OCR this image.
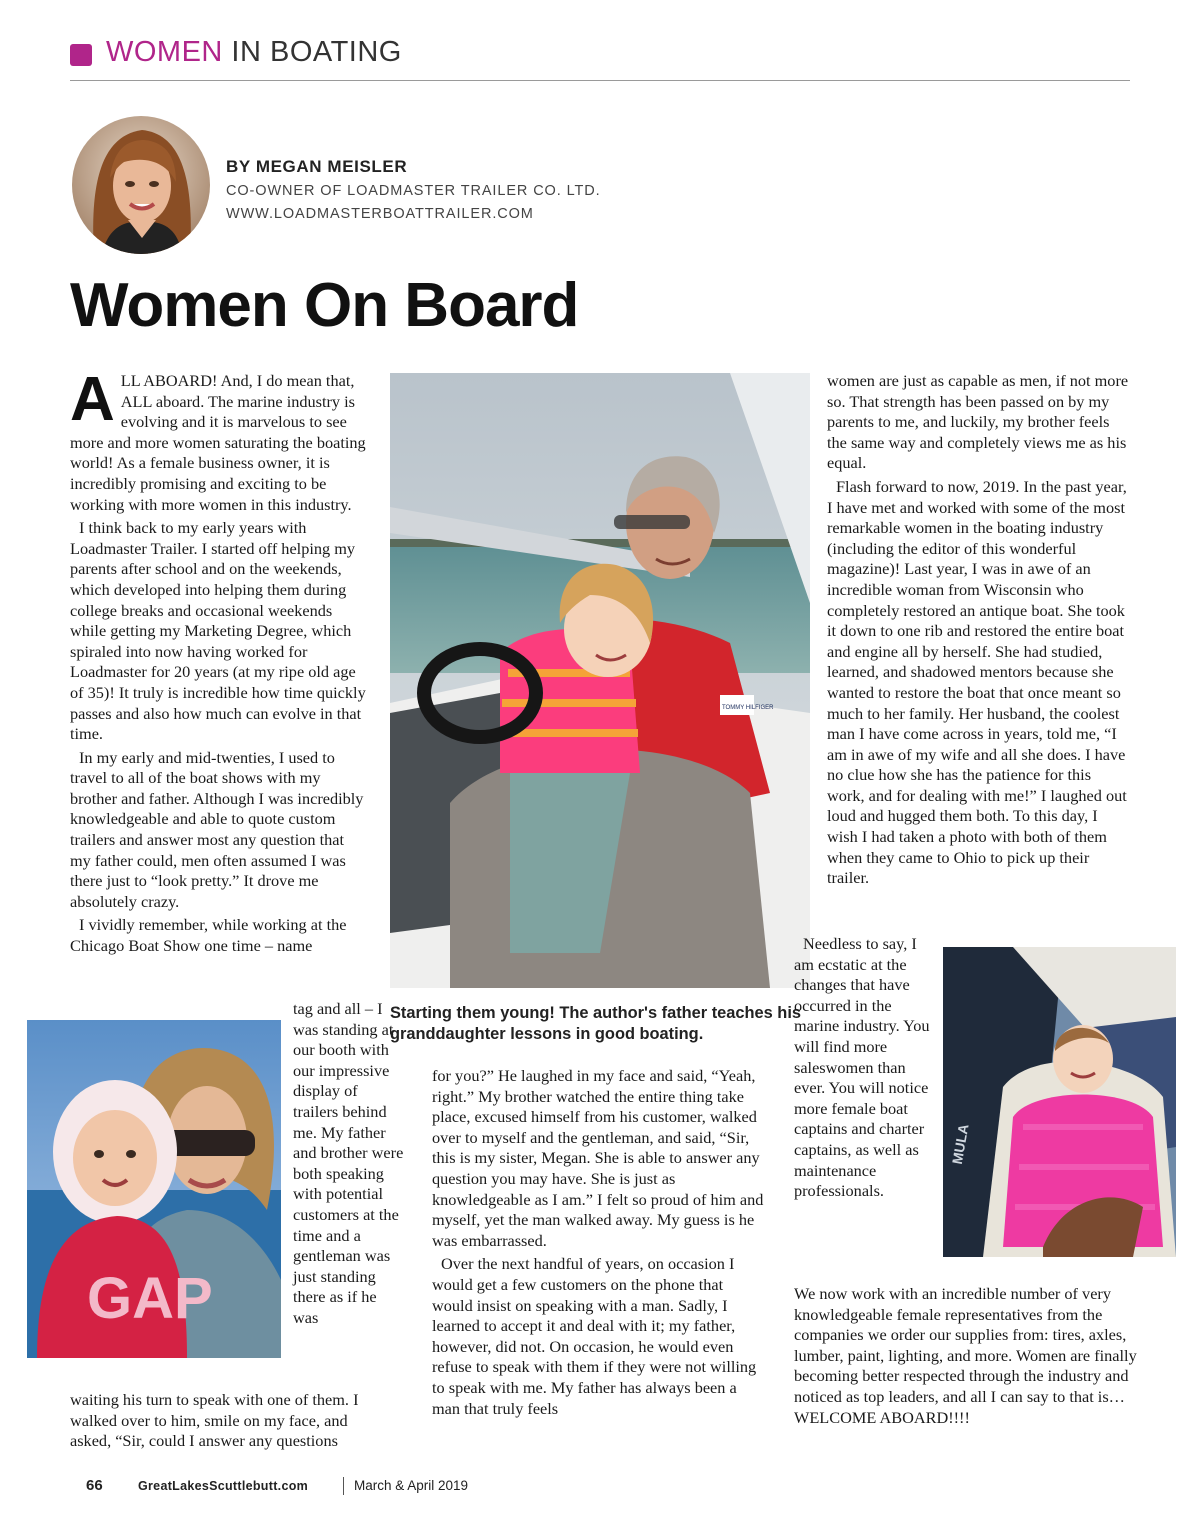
WOMEN IN BOATING
BY MEGAN MEISLER
CO-OWNER OF LOADMASTER TRAILER CO. LTD.
WWW.LOADMASTERBOATTRAILER.COM
Women On Board

ALL ABOARD! And, I do mean that, ALL aboard. The marine industry is evolving and it is marvelous to see more and more women saturating the boating world! As a female business owner, it is incredibly promising and exciting to be working with more women in this industry.

I think back to my early years with Loadmaster Trailer. I started off helping my parents after school and on the weekends, which developed into helping them during college breaks and occasional weekends while getting my Marketing Degree, which spiraled into now having worked for Loadmaster for 20 years (at my ripe old age of 35)! It truly is incredible how time quickly passes and also how much can evolve in that time.

In my early and mid-twenties, I used to travel to all of the boat shows with my brother and father. Although I was incredibly knowledgeable and able to quote custom trailers and answer most any question that my father could, men often assumed I was there just to “look pretty.” It drove me absolutely crazy.

I vividly remember, while working at the Chicago Boat Show one time – name

tag and all – I was standing at our booth with our impressive display of trailers behind me. My father and brother were both speaking with potential customers at the time and a gentleman was just standing there as if he was

waiting his turn to speak with one of them. I walked over to him, smile on my face, and asked, “Sir, could I answer any questions

GAP
TOMMY HILFIGER
Starting them young! The author's father teaches his granddaughter lessons in good boating.

for you?” He laughed in my face and said, “Yeah, right.” My brother watched the entire thing take place, excused himself from his customer, walked over to myself and the gentleman, and said, “Sir, this is my sister, Megan. She is able to answer any question you may have. She is just as knowledgeable as I am.” I felt so proud of him and myself, yet the man walked away. My guess is he was embarrassed.

Over the next handful of years, on occasion I would get a few customers on the phone that would insist on speaking with a man. Sadly, I learned to accept it and deal with it; my father, however, did not. On occasion, he would even refuse to speak with them if they were not willing to speak with me. My father has always been a man that truly feels

women are just as capable as men, if not more so. That strength has been passed on by my parents to me, and luckily, my brother feels the same way and completely views me as his equal.

Flash forward to now, 2019. In the past year, I have met and worked with some of the most remarkable women in the boating industry (including the editor of this wonderful magazine)! Last year, I was in awe of an incredible woman from Wisconsin who completely restored an antique boat. She took it down to one rib and restored the entire boat and engine all by herself. She had studied, learned, and shadowed mentors because she wanted to restore the boat that once meant so much to her family. Her husband, the coolest man I have come across in years, told me, “I am in awe of my wife and all she does. I have no clue how she has the patience for this work, and for dealing with me!” I laughed out loud and hugged them both. To this day, I wish I had taken a photo with both of them when they came to Ohio to pick up their trailer.

Needless to say, I am ecstatic at the changes that have occurred in the marine industry. You will find more saleswomen than ever. You will notice more female boat captains and charter captains, as well as maintenance professionals.

We now work with an incredible number of very knowledgeable female representatives from the companies we order our supplies from: tires, axles, lumber, paint, lighting, and more. Women are finally becoming better respected through the industry and noticed as top leaders, and all I can say to that is… WELCOME ABOARD!!!!

MULA
66	GreatLakesScuttlebutt.com	March & April 2019
